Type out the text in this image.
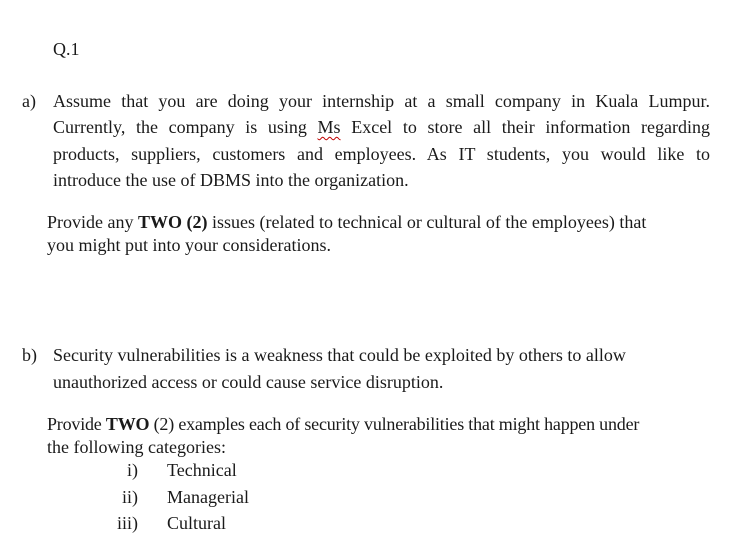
Q.1
a) Assume that you are doing your internship at a small company in Kuala Lumpur.
Currently, the company is using Ms Excel to store all their information regarding
products, suppliers, customers and employees. As IT students, you would like to
introduce the use of DBMS into the organization.
Provide any TWO (2) issues (related to technical or cultural of the employees) that
you might put into your considerations.
b) Security vulnerabilities is a weakness that could be exploited by others to allow
unauthorized access or could cause service disruption.
Provide TWO (2) examples each of security vulnerabilities that might happen under
the following categories:
i) Technical
ii) Managerial
iii) Cultural
